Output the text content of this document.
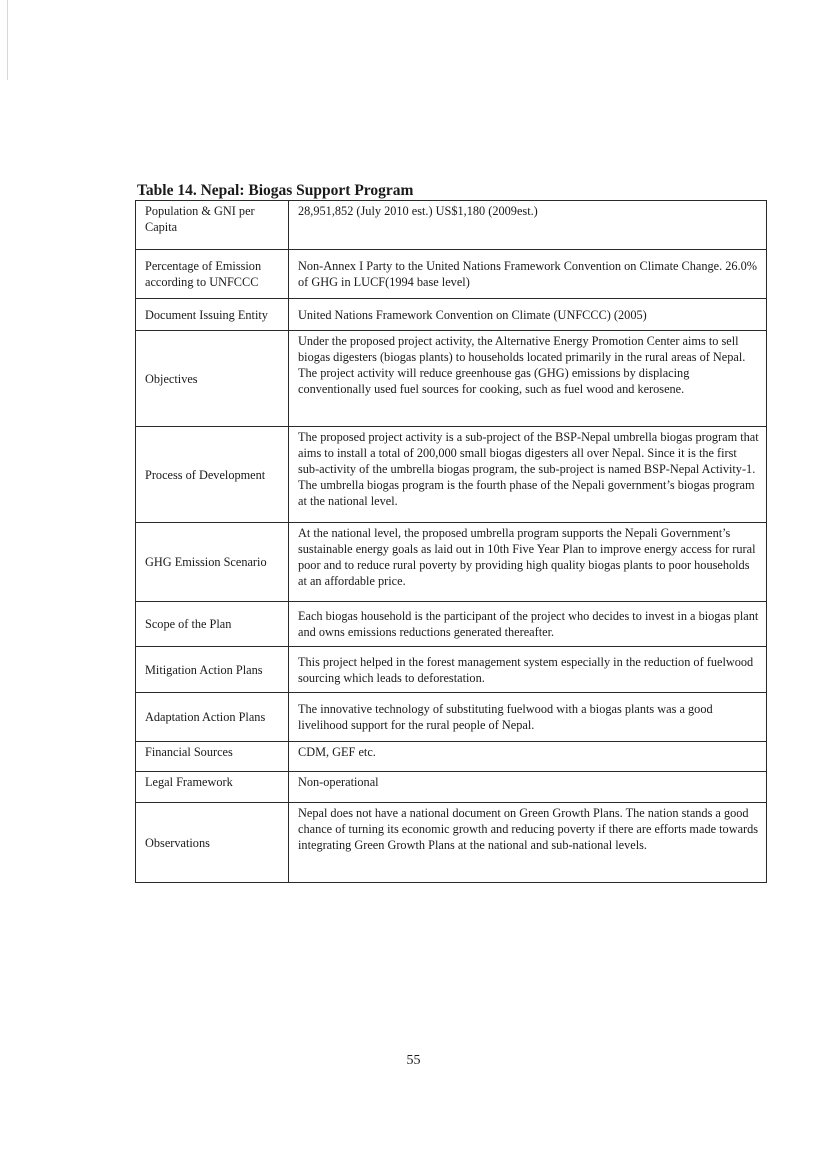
Table 14. Nepal: Biogas Support Program
Population & GNI per Capita	28,951,852 (July 2010 est.) US$1,180 (2009est.)
Percentage of Emission according to UNFCCC	Non-Annex I Party to the United Nations Framework Convention on Climate Change. 26.0% of GHG in LUCF(1994 base level)
Document Issuing Entity	United Nations Framework Convention on Climate (UNFCCC) (2005)
Objectives	Under the proposed project activity, the Alternative Energy Promotion Center aims to sell biogas digesters (biogas plants) to households located primarily in the rural areas of Nepal. The project activity will reduce greenhouse gas (GHG) emissions by displacing conventionally used fuel sources for cooking, such as fuel wood and kerosene.
Process of Development	The proposed project activity is a sub-project of the BSP-Nepal umbrella biogas program that aims to install a total of 200,000 small biogas digesters all over Nepal. Since it is the first sub-activity of the umbrella biogas program, the sub-project is named BSP-Nepal Activity-1. The umbrella biogas program is the fourth phase of the Nepali government’s biogas program at the national level.
GHG Emission Scenario	At the national level, the proposed umbrella program supports the Nepali Government’s sustainable energy goals as laid out in 10th Five Year Plan to improve energy access for rural poor and to reduce rural poverty by providing high quality biogas plants to poor households at an affordable price.
Scope of the Plan	Each biogas household is the participant of the project who decides to invest in a biogas plant and owns emissions reductions generated thereafter.
Mitigation Action Plans	This project helped in the forest management system especially in the reduction of fuelwood sourcing which leads to deforestation.
Adaptation Action Plans	The innovative technology of substituting fuelwood with a biogas plants was a good livelihood support for the rural people of Nepal.
Financial Sources	CDM, GEF etc.
Legal Framework	Non-operational
Observations	Nepal does not have a national document on Green Growth Plans. The nation stands a good chance of turning its economic growth and reducing poverty if there are efforts made towards integrating Green Growth Plans at the national and sub-national levels.
55
